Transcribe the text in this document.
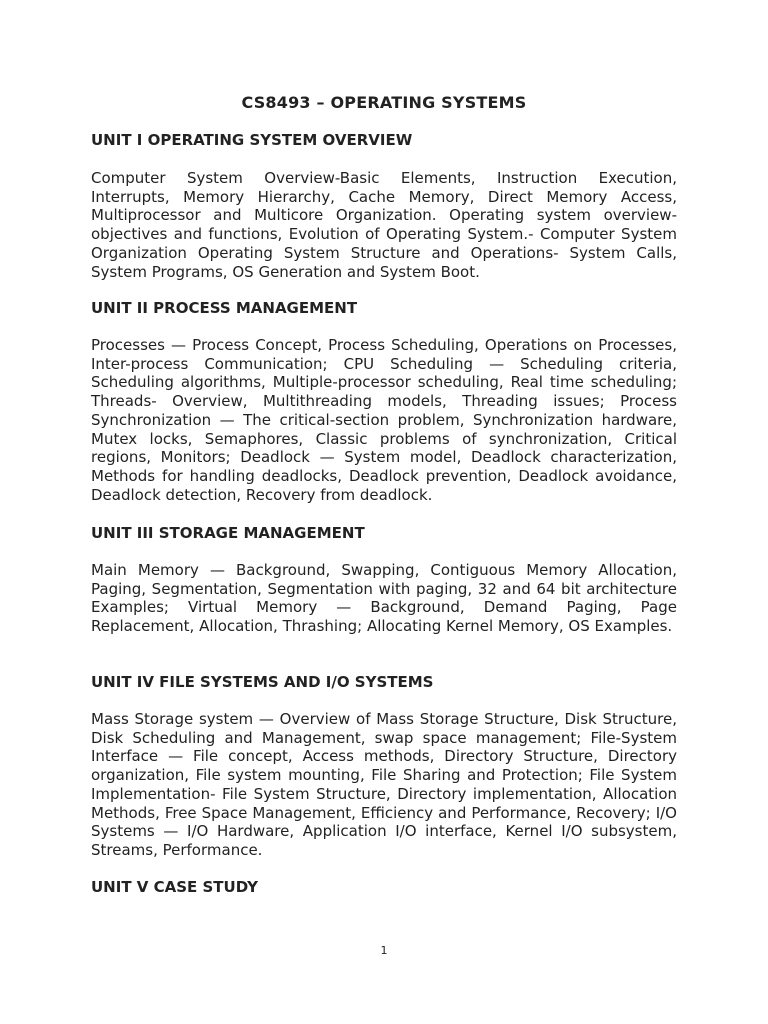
CS8493 – OPERATING SYSTEMS
UNIT I OPERATING SYSTEM OVERVIEW

Computer System Overview-Basic Elements, Instruction Execution, Interrupts, Memory Hierarchy, Cache Memory, Direct Memory Access, Multiprocessor and Multicore Organization. Operating system overview-objectives and functions, Evolution of Operating System.- Computer System Organization Operating System Structure and Operations- System Calls, System Programs, OS Generation and System Boot.

UNIT II PROCESS MANAGEMENT

Processes — Process Concept, Process Scheduling, Operations on Processes, Inter-process Communication; CPU Scheduling — Scheduling criteria, Scheduling algorithms, Multiple-processor scheduling, Real time scheduling; Threads- Overview, Multithreading models, Threading issues; Process Synchronization — The critical-section problem, Synchronization hardware, Mutex locks, Semaphores, Classic problems of synchronization, Critical regions, Monitors; Deadlock — System model, Deadlock characterization, Methods for handling deadlocks, Deadlock prevention, Deadlock avoidance, Deadlock detection, Recovery from deadlock.

UNIT III STORAGE MANAGEMENT

Main Memory — Background, Swapping, Contiguous Memory Allocation, Paging, Segmentation, Segmentation with paging, 32 and 64 bit architecture Examples; Virtual Memory — Background, Demand Paging, Page Replacement, Allocation, Thrashing; Allocating Kernel Memory, OS Examples.

UNIT IV FILE SYSTEMS AND I/O SYSTEMS

Mass Storage system — Overview of Mass Storage Structure, Disk Structure, Disk Scheduling and Management, swap space management; File-System Interface — File concept, Access methods, Directory Structure, Directory organization, File system mounting, File Sharing and Protection; File System Implementation- File System Structure, Directory implementation, Allocation Methods, Free Space Management, Efficiency and Performance, Recovery; I/O Systems — I/O Hardware, Application I/O interface, Kernel I/O subsystem, Streams, Performance.

UNIT V CASE STUDY
1
